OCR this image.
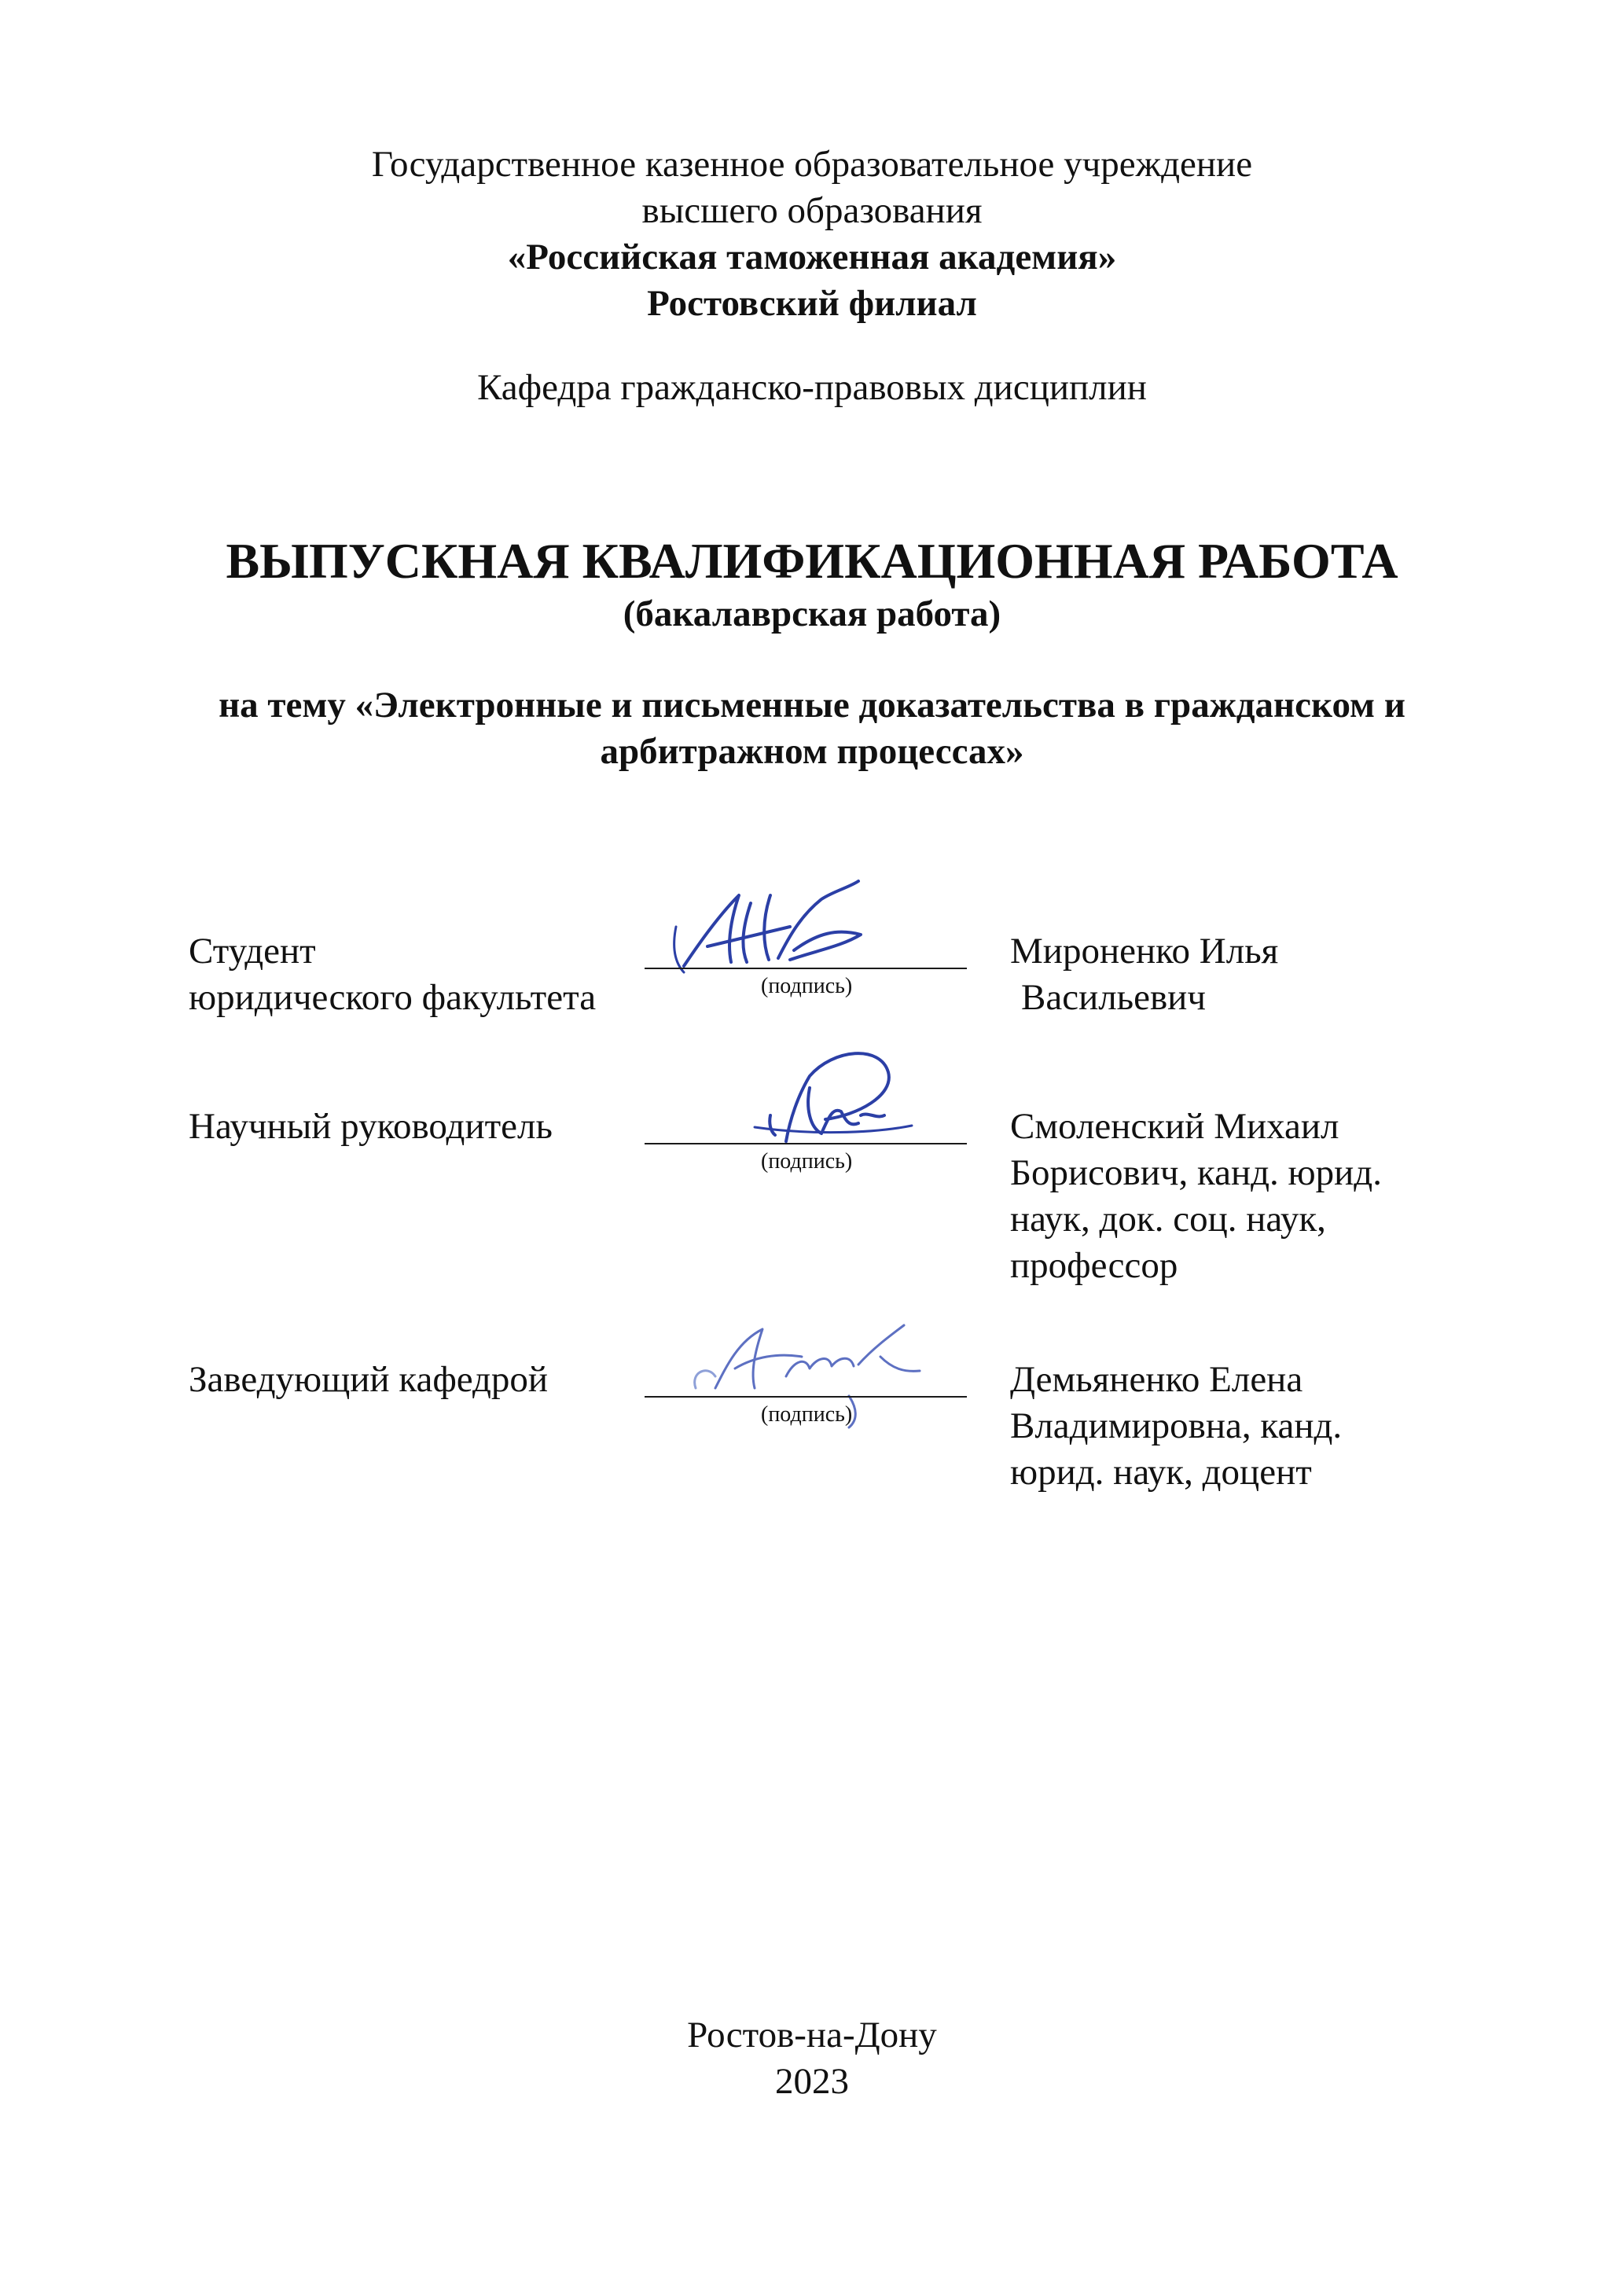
Государственное казенное образовательное учреждение
высшего образования
«Российская таможенная академия»
Ростовский филиал
Кафедра гражданско-правовых дисциплин
ВЫПУСКНАЯ КВАЛИФИКАЦИОННАЯ РАБОТА
(бакалаврская работа)
на тему «Электронные и письменные доказательства в гражданском и
арбитражном процессах»
Студент
юридического факультета	(подпись)
Мироненко Илья
Васильевич
Научный руководитель
(подпись)
Смоленский Михаил
Борисович, канд. юрид.
наук, док. соц. наук,
профессор
Заведующий кафедрой
(подпись)
Демьяненко Елена
Владимировна, канд.
юрид. наук, доцент
Ростов-на-Дону
2023
